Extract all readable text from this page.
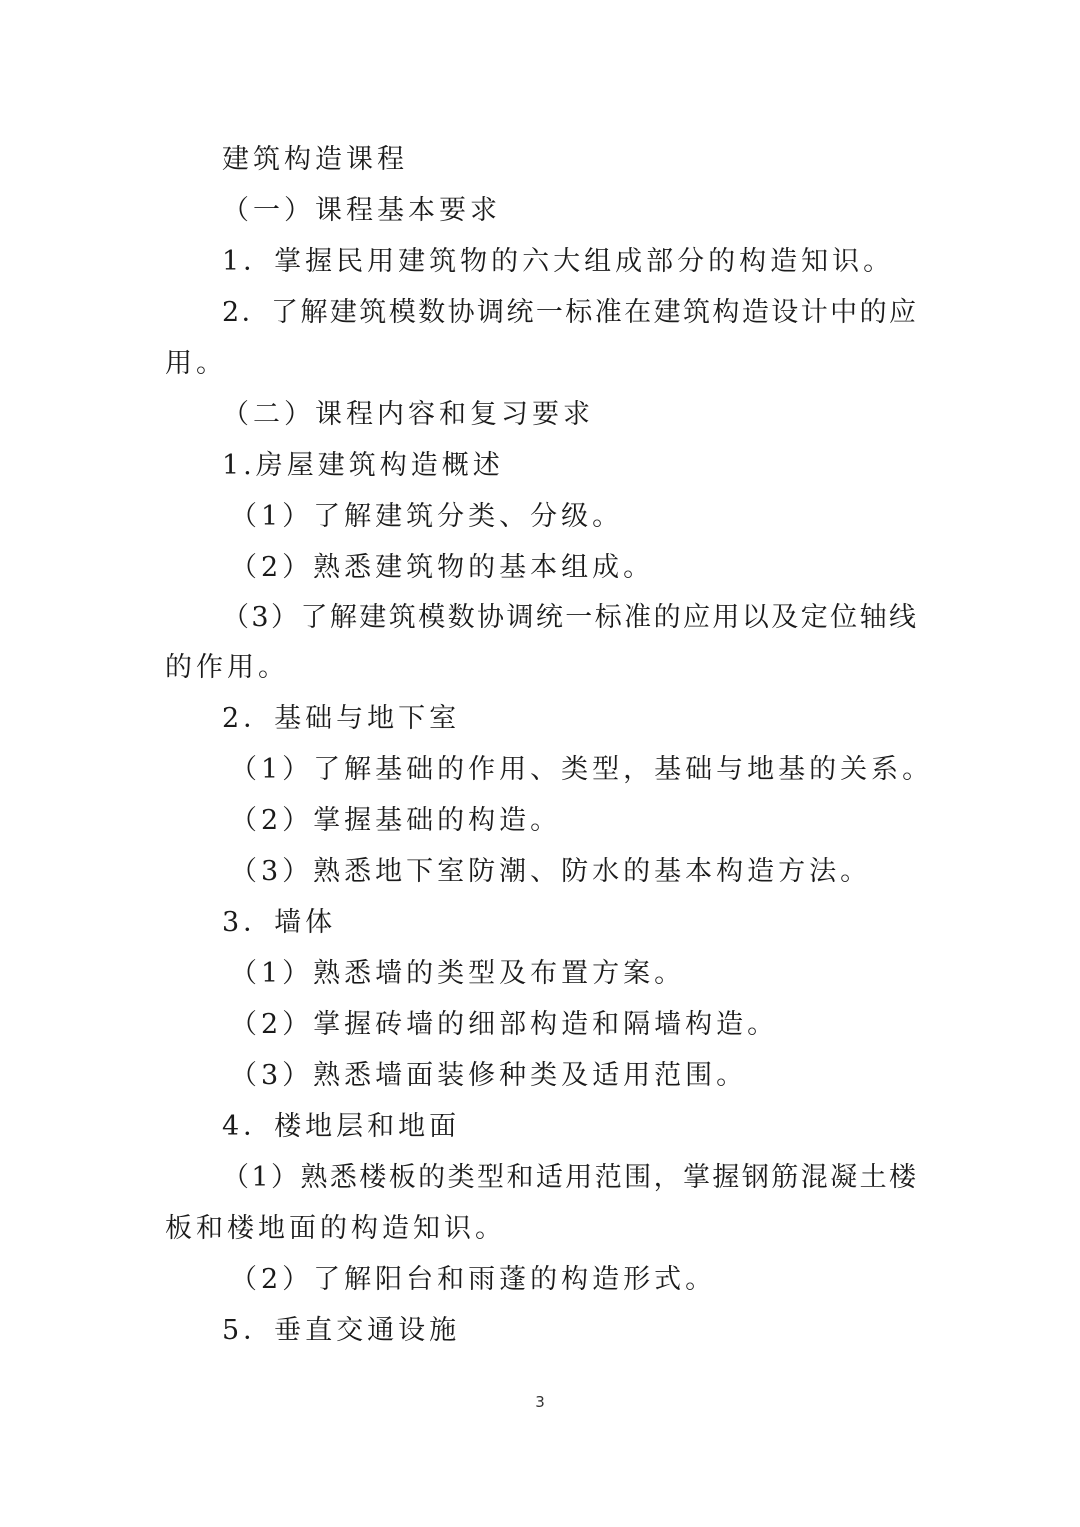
建筑构造课程
（一）课程基本要求
1．掌握民用建筑物的六大组成部分的构造知识。
2．了解建筑模数协调统一标准在建筑构造设计中的应
用。
（二）课程内容和复习要求
1.房屋建筑构造概述
（1）了解建筑分类、分级。
（2）熟悉建筑物的基本组成。
（3）了解建筑模数协调统一标准的应用以及定位轴线
的作用。
2．基础与地下室
（1）了解基础的作用、类型，基础与地基的关系。
（2）掌握基础的构造。
（3）熟悉地下室防潮、防水的基本构造方法。
3．墙体
（1）熟悉墙的类型及布置方案。
（2）掌握砖墙的细部构造和隔墙构造。
（3）熟悉墙面装修种类及适用范围。
4．楼地层和地面
（1）熟悉楼板的类型和适用范围，掌握钢筋混凝土楼
板和楼地面的构造知识。
（2）了解阳台和雨蓬的构造形式。
5．垂直交通设施
3
